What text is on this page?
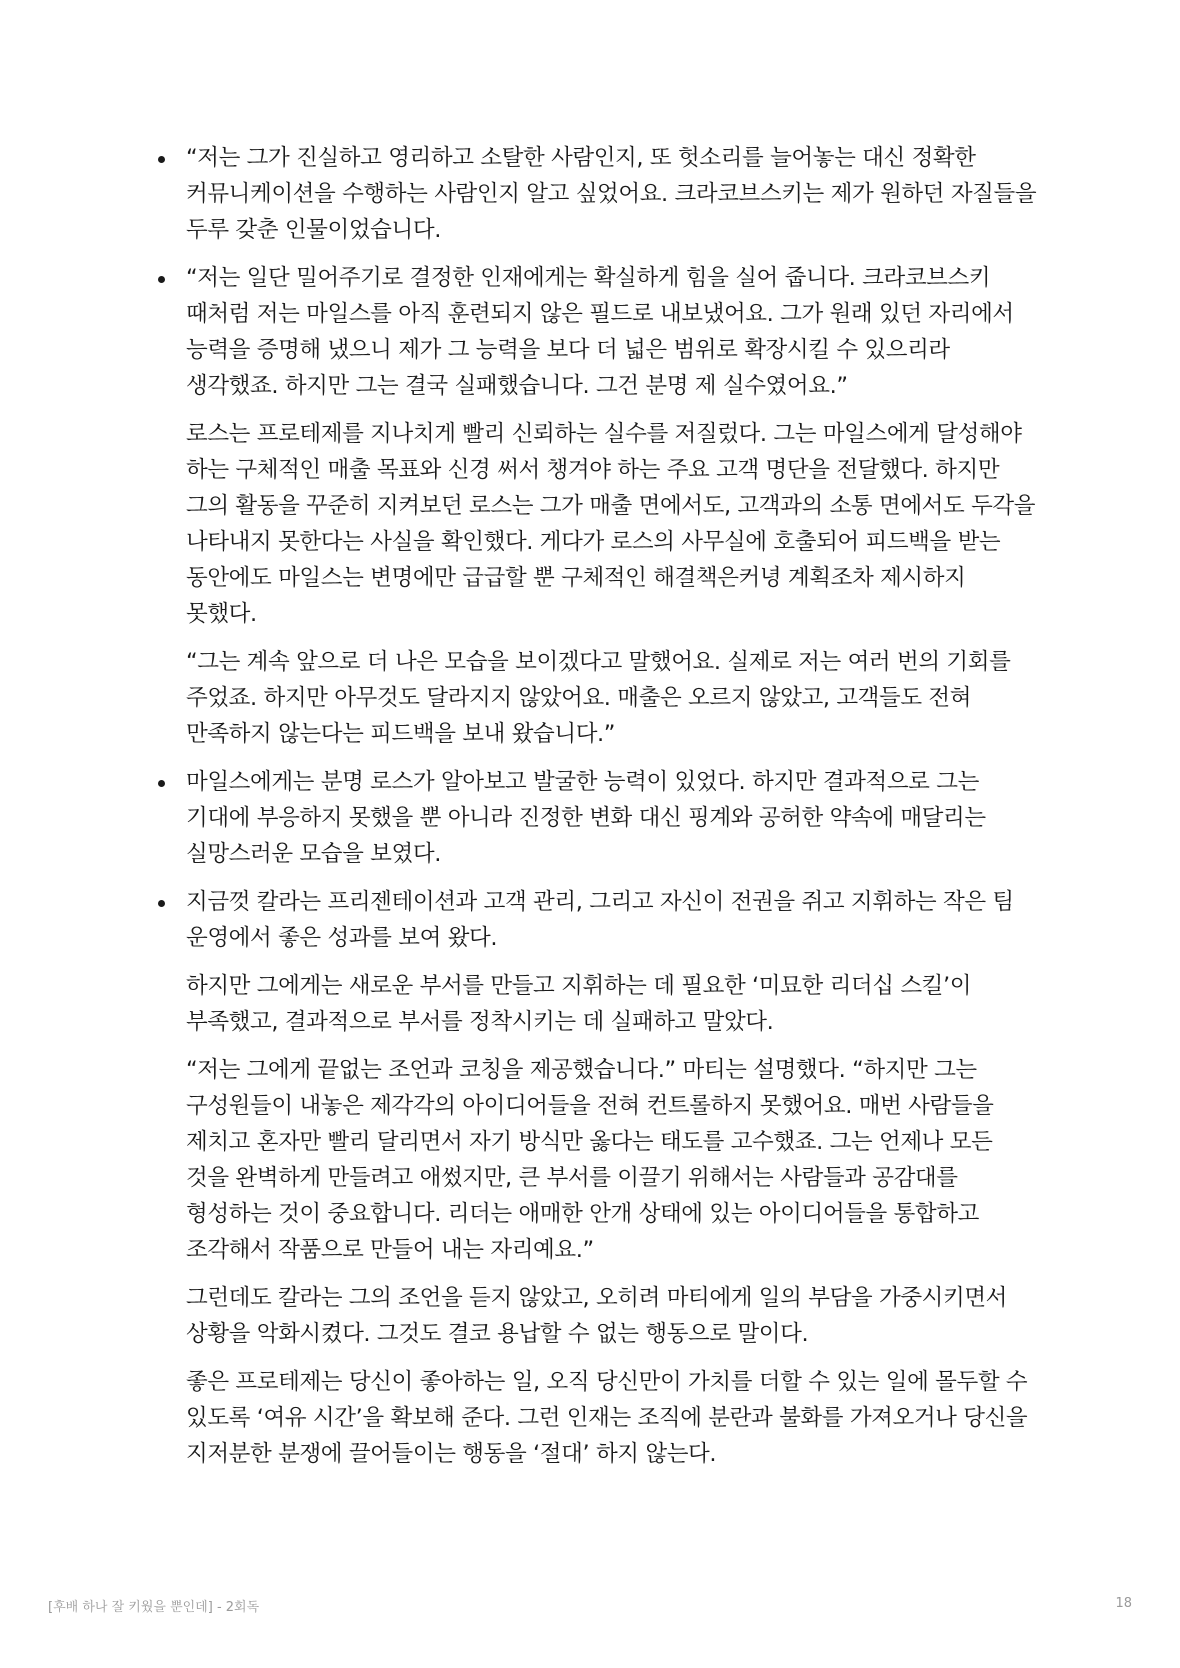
“저는 그가 진실하고 영리하고 소탈한 사람인지, 또 헛소리를 늘어놓는 대신 정확한 커뮤니케이션을 수행하는 사람인지 알고 싶었어요. 크라코브스키는 제가 원하던 자질들을 두루 갖춘 인물이었습니다.

“저는 일단 밀어주기로 결정한 인재에게는 확실하게 힘을 실어 줍니다. 크라코브스키 때처럼 저는 마일스를 아직 훈련되지 않은 필드로 내보냈어요. 그가 원래 있던 자리에서 능력을 증명해 냈으니 제가 그 능력을 보다 더 넓은 범위로 확장시킬 수 있으리라 생각했죠. 하지만 그는 결국 실패했습니다. 그건 분명 제 실수였어요.”

로스는 프로테제를 지나치게 빨리 신뢰하는 실수를 저질렀다. 그는 마일스에게 달성해야 하는 구체적인 매출 목표와 신경 써서 챙겨야 하는 주요 고객 명단을 전달했다. 하지만 그의 활동을 꾸준히 지켜보던 로스는 그가 매출 면에서도, 고객과의 소통 면에서도 두각을 나타내지 못한다는 사실을 확인했다. 게다가 로스의 사무실에 호출되어 피드백을 받는 동안에도 마일스는 변명에만 급급할 뿐 구체적인 해결책은커녕 계획조차 제시하지 못했다.

“그는 계속 앞으로 더 나은 모습을 보이겠다고 말했어요. 실제로 저는 여러 번의 기회를 주었죠. 하지만 아무것도 달라지지 않았어요. 매출은 오르지 않았고, 고객들도 전혀 만족하지 않는다는 피드백을 보내 왔습니다.”

마일스에게는 분명 로스가 알아보고 발굴한 능력이 있었다. 하지만 결과적으로 그는 기대에 부응하지 못했을 뿐 아니라 진정한 변화 대신 핑계와 공허한 약속에 매달리는 실망스러운 모습을 보였다.

지금껏 칼라는 프리젠테이션과 고객 관리, 그리고 자신이 전권을 쥐고 지휘하는 작은 팀 운영에서 좋은 성과를 보여 왔다.

하지만 그에게는 새로운 부서를 만들고 지휘하는 데 필요한 ‘미묘한 리더십 스킬’이 부족했고, 결과적으로 부서를 정착시키는 데 실패하고 말았다.

“저는 그에게 끝없는 조언과 코칭을 제공했습니다.” 마티는 설명했다. “하지만 그는 구성원들이 내놓은 제각각의 아이디어들을 전혀 컨트롤하지 못했어요. 매번 사람들을 제치고 혼자만 빨리 달리면서 자기 방식만 옳다는 태도를 고수했죠. 그는 언제나 모든 것을 완벽하게 만들려고 애썼지만, 큰 부서를 이끌기 위해서는 사람들과 공감대를 형성하는 것이 중요합니다. 리더는 애매한 안개 상태에 있는 아이디어들을 통합하고 조각해서 작품으로 만들어 내는 자리예요.”

그런데도 칼라는 그의 조언을 듣지 않았고, 오히려 마티에게 일의 부담을 가중시키면서 상황을 악화시켰다. 그것도 결코 용납할 수 없는 행동으로 말이다.

좋은 프로테제는 당신이 좋아하는 일, 오직 당신만이 가치를 더할 수 있는 일에 몰두할 수 있도록 ‘여유 시간’을 확보해 준다. 그런 인재는 조직에 분란과 불화를 가져오거나 당신을 지저분한 분쟁에 끌어들이는 행동을 ‘절대’ 하지 않는다.

[후배 하나 잘 키웠을 뿐인데] - 2회독	18
